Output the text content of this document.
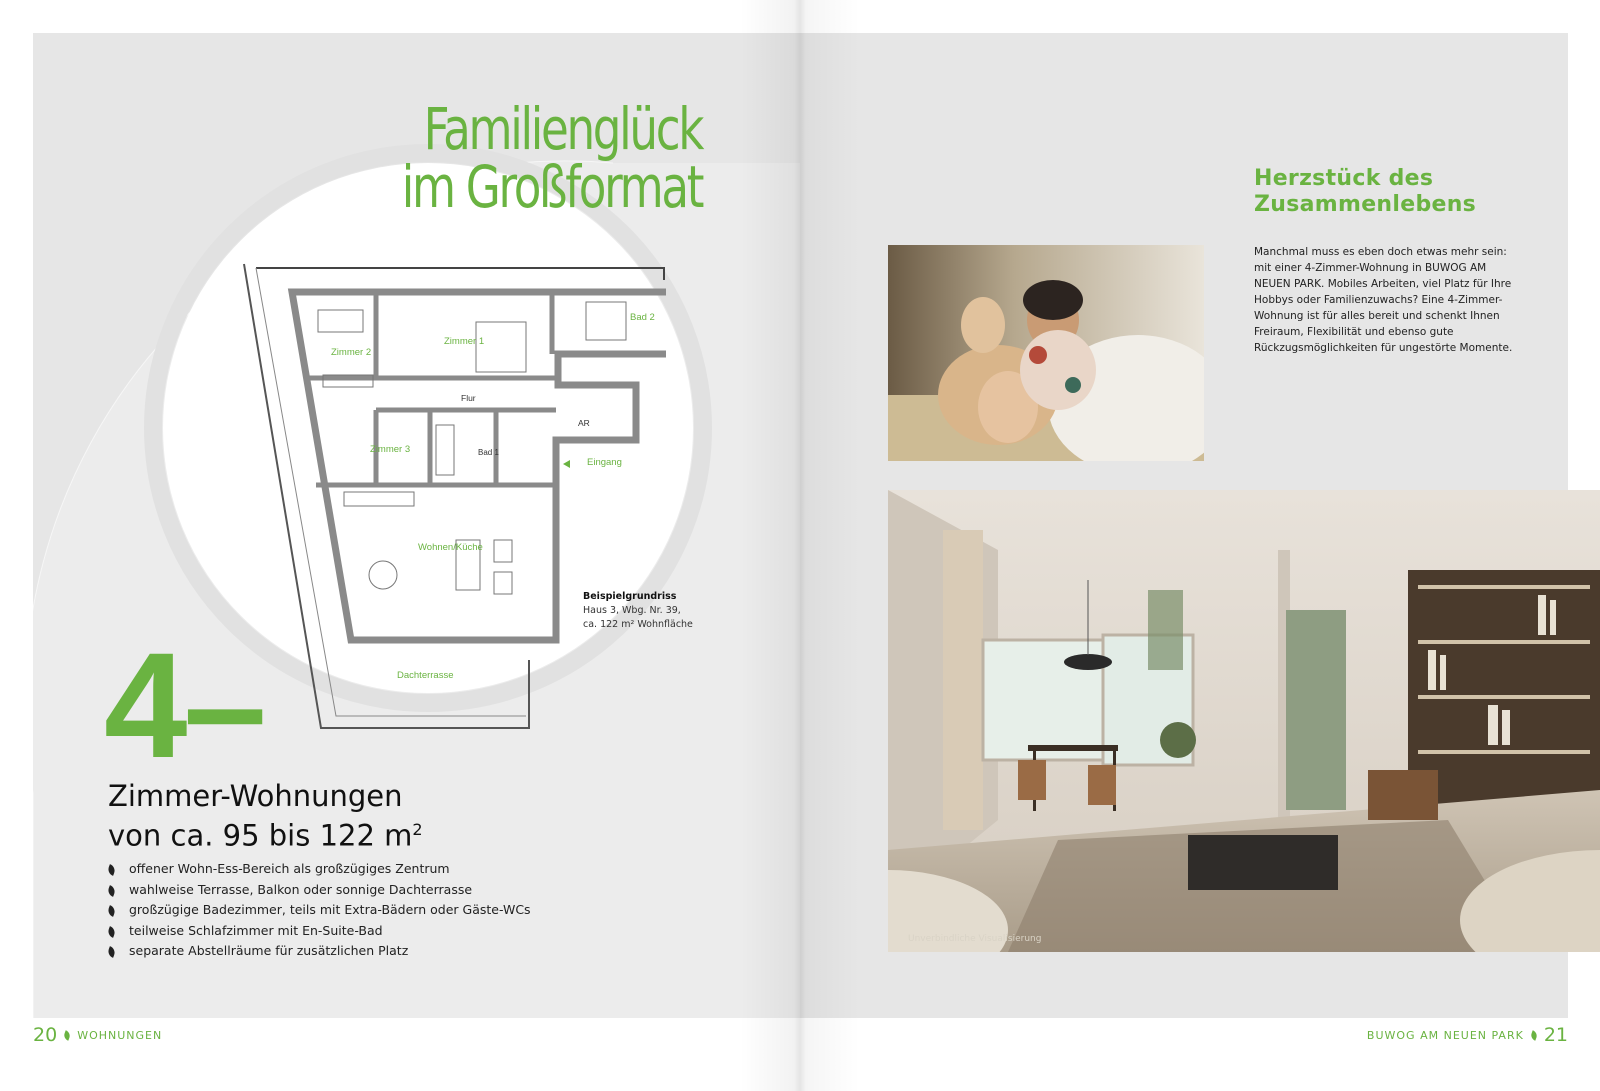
Familienglück
im Großformat
Zimmer 2
Zimmer 1
Bad 2
Flur
AR
Zimmer 3	Bad 1
Eingang
Wohnen/Küche
Dachterrasse
Beispielgrundriss
Haus 3, Wbg. Nr. 39,
ca. 122 m² Wohnfläche
4–
Zimmer-Wohnungen
von ca. 95 bis 122 $m^2$
offener Wohn-Ess-Bereich als großzügiges Zentrum
wahlweise Terrasse, Balkon oder sonnige Dachterrasse
großzügige Badezimmer, teils mit Extra-Bädern oder Gäste-WCs
teilweise Schlafzimmer mit En-Suite-Bad
separate Abstellräume für zusätzlichen Platz
20 WOHNUNGEN
Herzstück des
Zusammenlebens
Manchmal muss es eben doch etwas mehr sein: mit einer 4-Zimmer-Wohnung in BUWOG AM NEUEN PARK. Mobiles Arbeiten, viel Platz für Ihre Hobbys oder Familienzuwachs? Eine 4-Zimmer-Wohnung ist für alles bereit und schenkt Ihnen Freiraum, Flexibilität und ebenso gute Rückzugsmöglichkeiten für ungestörte Momente.
Unverbindliche Visualisierung
BUWOG AM NEUEN PARK 21
